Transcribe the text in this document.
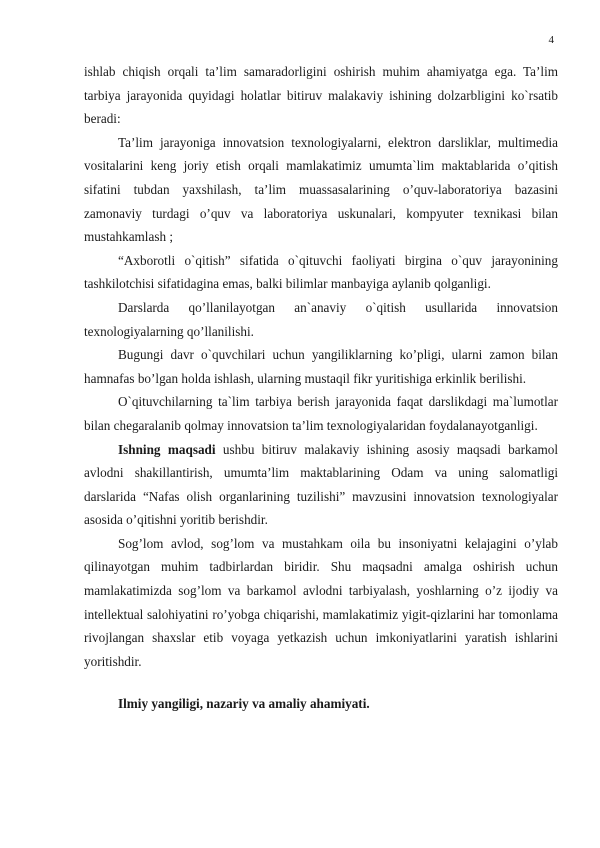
4

ishlab chiqish orqali ta’lim samaradorligini oshirish muhim ahamiyatga ega. Ta’lim tarbiya jarayonida quyidagi holatlar bitiruv malakaviy ishining dolzarbligini ko`rsatib beradi:

Ta’lim jarayoniga innovatsion texnologiyalarni, elektron darsliklar, multimedia vositalarini keng joriy etish orqali mamlakatimiz umumta`lim maktablarida o’qitish sifatini tubdan yaxshilash, ta’lim muassasalarining o’quv-laboratoriya bazasini zamonaviy turdagi o’quv va laboratoriya uskunalari, kompyuter texnikasi bilan mustahkamlash ;

“Axborotli o`qitish” sifatida o`qituvchi faoliyati birgina o`quv jarayonining tashkilotchisi sifatidagina emas, balki bilimlar manbayiga aylanib qolganligi.

Darslarda qo’llanilayotgan an`anaviy o`qitish usullarida innovatsion texnologiyalarning qo’llanilishi.

Bugungi davr o`quvchilari uchun yangiliklarning ko’pligi, ularni zamon bilan hamnafas bo’lgan holda ishlash, ularning mustaqil fikr yuritishiga erkinlik berilishi.

O`qituvchilarning ta`lim tarbiya berish jarayonida faqat darslikdagi ma`lumotlar bilan chegaralanib qolmay innovatsion ta’lim texnologiyalaridan foydalanayotganligi.

Ishning maqsadi ushbu bitiruv malakaviy ishining asosiy maqsadi barkamol avlodni shakillantirish, umumta’lim maktablarining Odam va uning salomatligi darslarida “Nafas olish organlarining tuzilishi” mavzusini innovatsion texnologiyalar asosida o’qitishni yoritib berishdir.

Sog’lom avlod, sog’lom va mustahkam oila bu insoniyatni kelajagini o’ylab qilinayotgan muhim tadbirlardan biridir. Shu maqsadni amalga oshirish uchun mamlakatimizda sog’lom va barkamol avlodni tarbiyalash, yoshlarning o’z ijodiy va intellektual salohiyatini ro’yobga chiqarishi, mamlakatimiz yigit-qizlarini har tomonlama rivojlangan shaxslar etib voyaga yetkazish uchun imkoniyatlarini yaratish ishlarini yoritishdir.

Ilmiy yangiligi, nazariy va amaliy ahamiyati.
